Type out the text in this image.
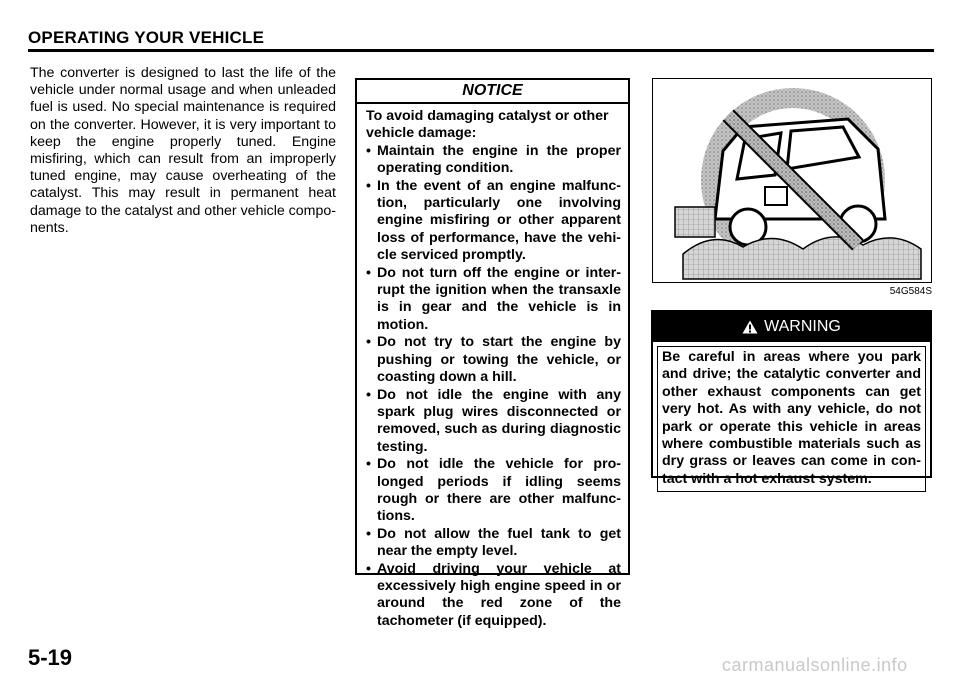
OPERATING YOUR VEHICLE

The converter is designed to last the life of the vehicle under normal usage and when unleaded fuel is used. No special maintenance is required on the converter. However, it is very important to keep the engine properly tuned. Engine misfiring, which can result from an improperly tuned engine, may cause overheating of the catalyst. This may result in permanent heat damage to the catalyst and other vehicle components.

NOTICE
To avoid damaging catalyst or other vehicle damage:
• Maintain the engine in the proper operating condition.
• In the event of an engine malfunction, particularly one involving engine misfiring or other apparent loss of performance, have the vehicle serviced promptly.
• Do not turn off the engine or interrupt the ignition when the transaxle is in gear and the vehicle is in motion.
• Do not try to start the engine by pushing or towing the vehicle, or coasting down a hill.
• Do not idle the engine with any spark plug wires disconnected or removed, such as during diagnostic testing.
• Do not idle the vehicle for prolonged periods if idling seems rough or there are other malfunctions.
• Do not allow the fuel tank to get near the empty level.
• Avoid driving your vehicle at excessively high engine speed in or around the red zone of the tachometer (if equipped).
54G584S
WARNING
Be careful in areas where you park and drive; the catalytic converter and other exhaust components can get very hot. As with any vehicle, do not park or operate this vehicle in areas where combustible materials such as dry grass or leaves can come in contact with a hot exhaust system.
5-19	carmanualsonline.info
